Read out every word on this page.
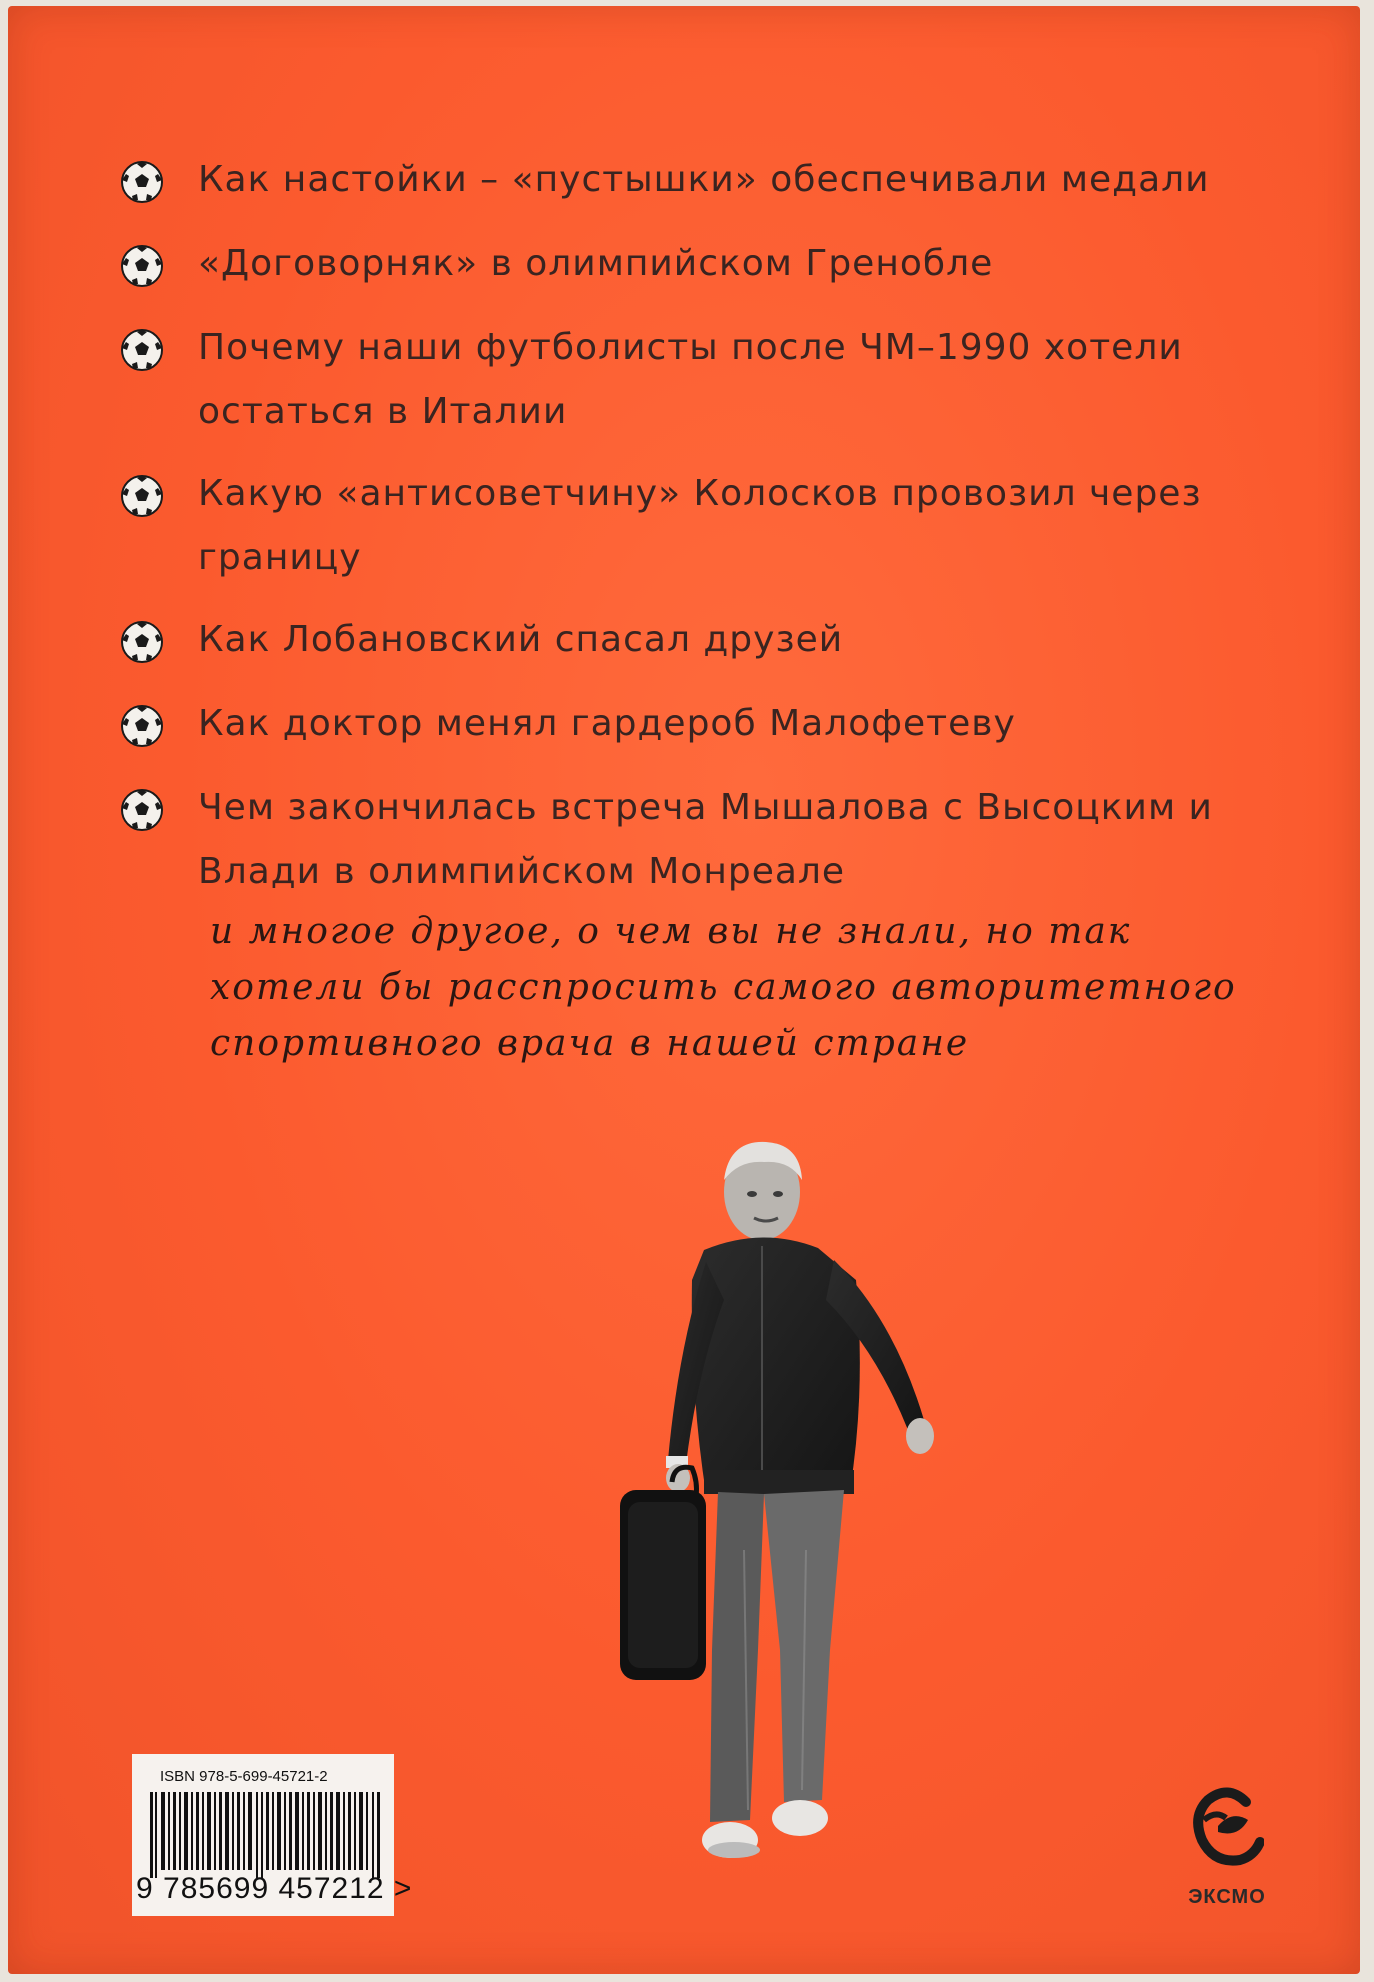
Как настойки – «пустышки» обеспечивали медали
«Договорняк» в олимпийском Гренобле
Почему наши футболисты после ЧМ–1990 хотели остаться в Италии
Какую «антисоветчину» Колосков провозил через границу
Как Лобановский спасал друзей
Как доктор менял гардероб Малофетеву
Чем закончилась встреча Мышалова с Высоцким и Влади в олимпийском Монреале
и многое другое, о чем вы не знали, но так хотели бы расспросить самого авторитетного спортивного врача в нашей стране
ISBN 978-5-699-45721-2
9 785699 457212 >	ЭКСМО
